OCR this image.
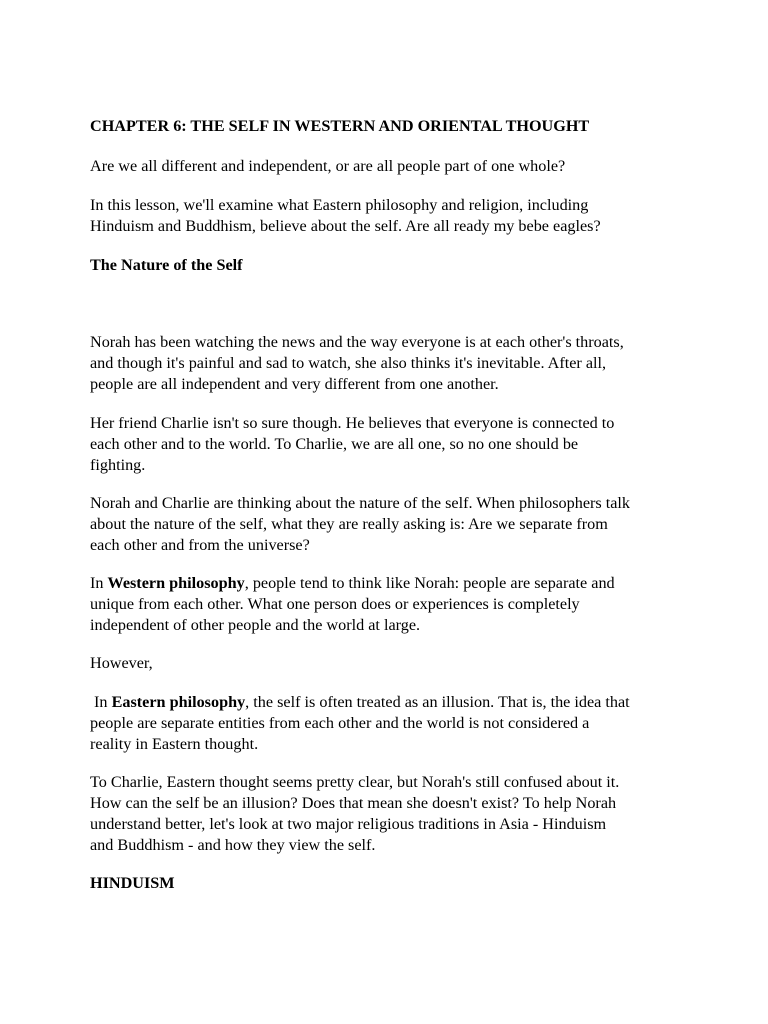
CHAPTER 6: THE SELF IN WESTERN AND ORIENTAL THOUGHT

Are we all different and independent, or are all people part of one whole?

In this lesson, we'll examine what Eastern philosophy and religion, including
Hinduism and Buddhism, believe about the self. Are all ready my bebe eagles?

The Nature of the Self

Norah has been watching the news and the way everyone is at each other's throats,
and though it's painful and sad to watch, she also thinks it's inevitable. After all,
people are all independent and very different from one another.

Her friend Charlie isn't so sure though. He believes that everyone is connected to
each other and to the world. To Charlie, we are all one, so no one should be
fighting.

Norah and Charlie are thinking about the nature of the self. When philosophers talk
about the nature of the self, what they are really asking is: Are we separate from
each other and from the universe?

In Western philosophy, people tend to think like Norah: people are separate and
unique from each other. What one person does or experiences is completely
independent of other people and the world at large.

However,

In Eastern philosophy, the self is often treated as an illusion. That is, the idea that
people are separate entities from each other and the world is not considered a
reality in Eastern thought.

To Charlie, Eastern thought seems pretty clear, but Norah's still confused about it.
How can the self be an illusion? Does that mean she doesn't exist? To help Norah
understand better, let's look at two major religious traditions in Asia - Hinduism
and Buddhism - and how they view the self.

HINDUISM
